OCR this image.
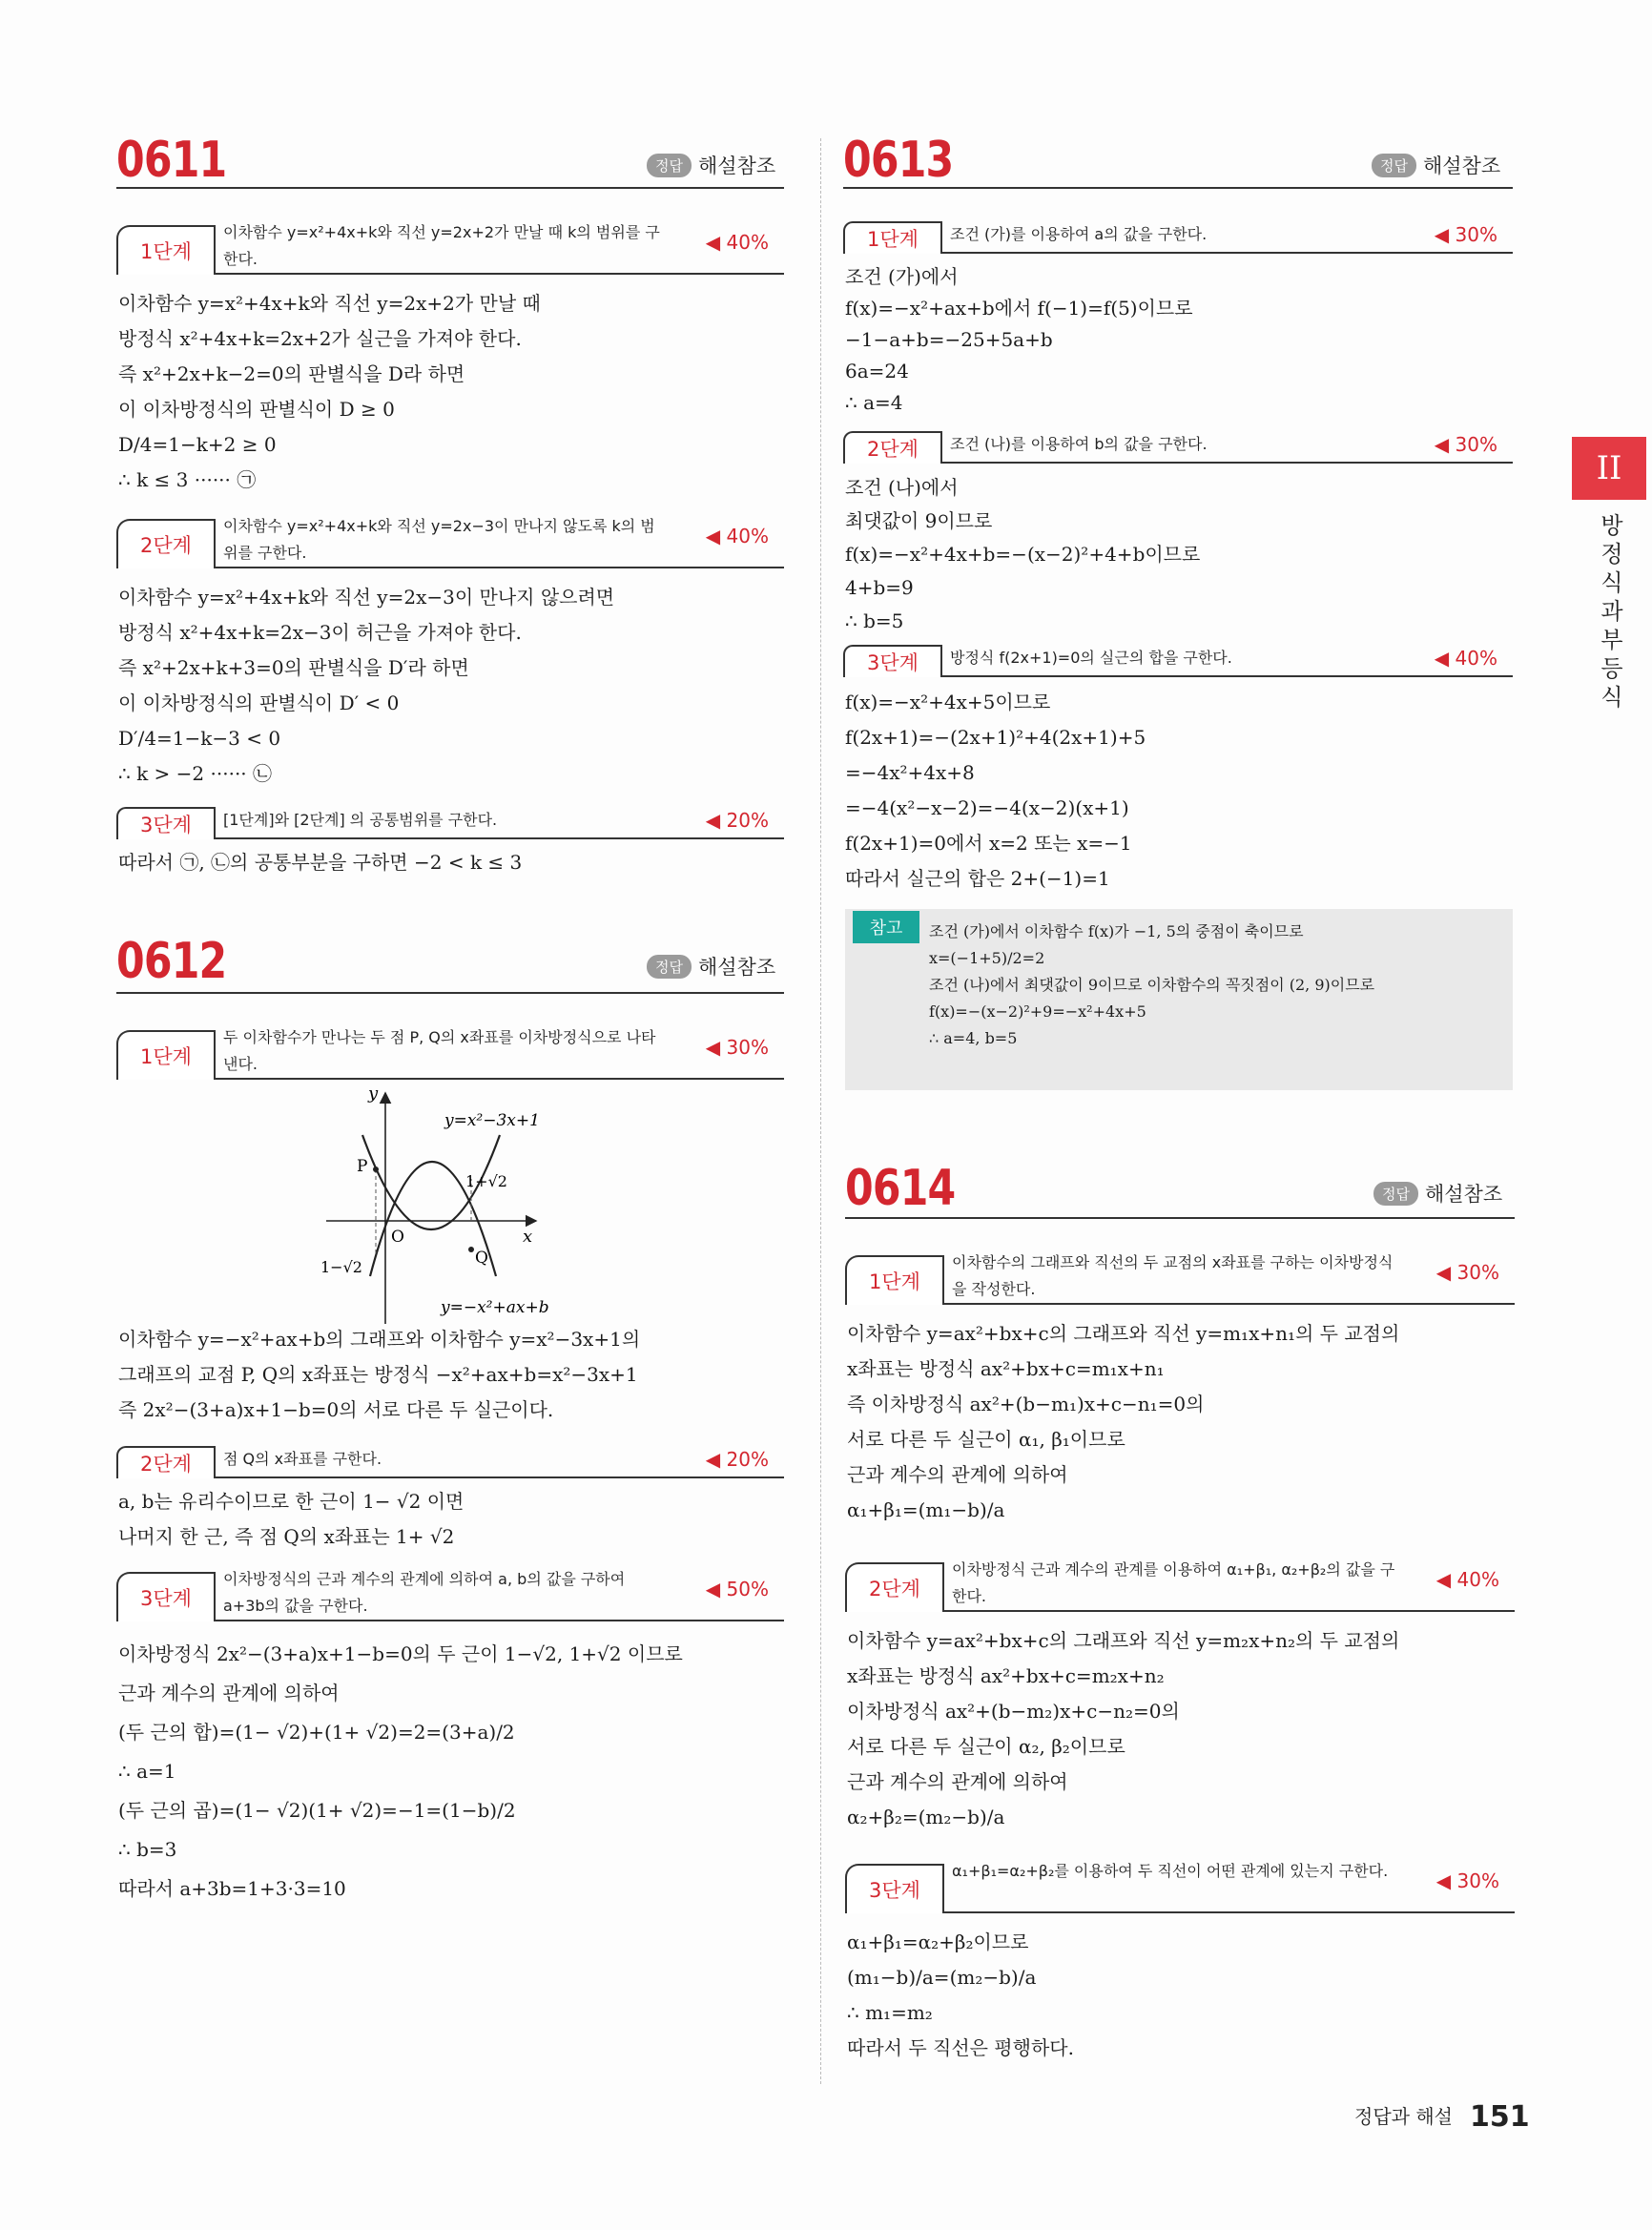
0611	정답 해설참조
1단계
이차함수 y=x²+4x+k와 직선 y=2x+2가 만날 때 k의 범위를 구한다.
◀ 40%
이차함수 y=x²+4x+k와 직선 y=2x+2가 만날 때
방정식 x²+4x+k=2x+2가 실근을 가져야 한다.
즉 x²+2x+k−2=0의 판별식을 D라 하면
이 이차방정식의 판별식이 D ≥ 0
D/4=1−k+2 ≥ 0
∴ k ≤ 3 ······ ㉠
2단계
이차함수 y=x²+4x+k와 직선 y=2x−3이 만나지 않도록 k의 범위를 구한다.
◀ 40%
이차함수 y=x²+4x+k와 직선 y=2x−3이 만나지 않으려면
방정식 x²+4x+k=2x−3이 허근을 가져야 한다.
즉 x²+2x+k+3=0의 판별식을 D′라 하면
이 이차방정식의 판별식이 D′ < 0
D′/4=1−k−3 < 0
∴ k > −2 ······ ㉡
3단계	[1단계]와 [2단계] 의 공통범위를 구한다.	◀ 20%
따라서 ㉠, ㉡의 공통부분을 구하면 −2 < k ≤ 3
0612	정답 해설참조
1단계
두 이차함수가 만나는 두 점 P, Q의 x좌표를 이차방정식으로 나타낸다.
◀ 30%
y
x
O
P
Q
y=x²−3x+1
1+√2
1−√2
y=−x²+ax+b
이차함수 y=−x²+ax+b의 그래프와 이차함수 y=x²−3x+1의
그래프의 교점 P, Q의 x좌표는 방정식 −x²+ax+b=x²−3x+1
즉 2x²−(3+a)x+1−b=0의 서로 다른 두 실근이다.
2단계	점 Q의 x좌표를 구한다.	◀ 20%
a, b는 유리수이므로 한 근이 1− √2 이면
나머지 한 근, 즉 점 Q의 x좌표는 1+ √2
3단계
이차방정식의 근과 계수의 관계에 의하여 a, b의 값을 구하여 a+3b의 값을 구한다.
◀ 50%
이차방정식 2x²−(3+a)x+1−b=0의 두 근이 1−√2, 1+√2 이므로
근과 계수의 관계에 의하여
(두 근의 합)=(1− √2)+(1+ √2)=2=(3+a)/2
∴ a=1
(두 근의 곱)=(1− √2)(1+ √2)=−1=(1−b)/2
∴ b=3
따라서 a+3b=1+3·3=10
0613	정답 해설참조
1단계	조건 (가)를 이용하여 a의 값을 구한다.	◀ 30%
조건 (가)에서
f(x)=−x²+ax+b에서 f(−1)=f(5)이므로
−1−a+b=−25+5a+b
6a=24
∴ a=4
2단계	조건 (나)를 이용하여 b의 값을 구한다.	◀ 30%
조건 (나)에서
최댓값이 9이므로
f(x)=−x²+4x+b=−(x−2)²+4+b이므로
4+b=9
∴ b=5
3단계	방정식 f(2x+1)=0의 실근의 합을 구한다.	◀ 40%
f(x)=−x²+4x+5이므로
f(2x+1)=−(2x+1)²+4(2x+1)+5
=−4x²+4x+8
=−4(x²−x−2)=−4(x−2)(x+1)
f(2x+1)=0에서 x=2 또는 x=−1
따라서 실근의 합은 2+(−1)=1
참고	조건 (가)에서 이차함수 f(x)가 −1, 5의 중점이 축이므로
x=(−1+5)/2=2
조건 (나)에서 최댓값이 9이므로 이차함수의 꼭짓점이 (2, 9)이므로
f(x)=−(x−2)²+9=−x²+4x+5
∴ a=4, b=5
0614	정답 해설참조
1단계
이차함수의 그래프와 직선의 두 교점의 x좌표를 구하는 이차방정식을 작성한다.
◀ 30%
이차함수 y=ax²+bx+c의 그래프와 직선 y=m₁x+n₁의 두 교점의
x좌표는 방정식 ax²+bx+c=m₁x+n₁
즉 이차방정식 ax²+(b−m₁)x+c−n₁=0의
서로 다른 두 실근이 α₁, β₁이므로
근과 계수의 관계에 의하여
α₁+β₁=(m₁−b)/a
2단계
이차방정식 근과 계수의 관계를 이용하여 α₁+β₁, α₂+β₂의 값을 구한다.
◀ 40%
이차함수 y=ax²+bx+c의 그래프와 직선 y=m₂x+n₂의 두 교점의
x좌표는 방정식 ax²+bx+c=m₂x+n₂
이차방정식 ax²+(b−m₂)x+c−n₂=0의
서로 다른 두 실근이 α₂, β₂이므로
근과 계수의 관계에 의하여
α₂+β₂=(m₂−b)/a
3단계
α₁+β₁=α₂+β₂를 이용하여 두 직선이 어떤 관계에 있는지 구한다.	◀ 30%
α₁+β₁=α₂+β₂이므로
(m₁−b)/a=(m₂−b)/a
∴ m₁=m₂
따라서 두 직선은 평행하다.
II
방정식과 부등식
정답과 해설 151
